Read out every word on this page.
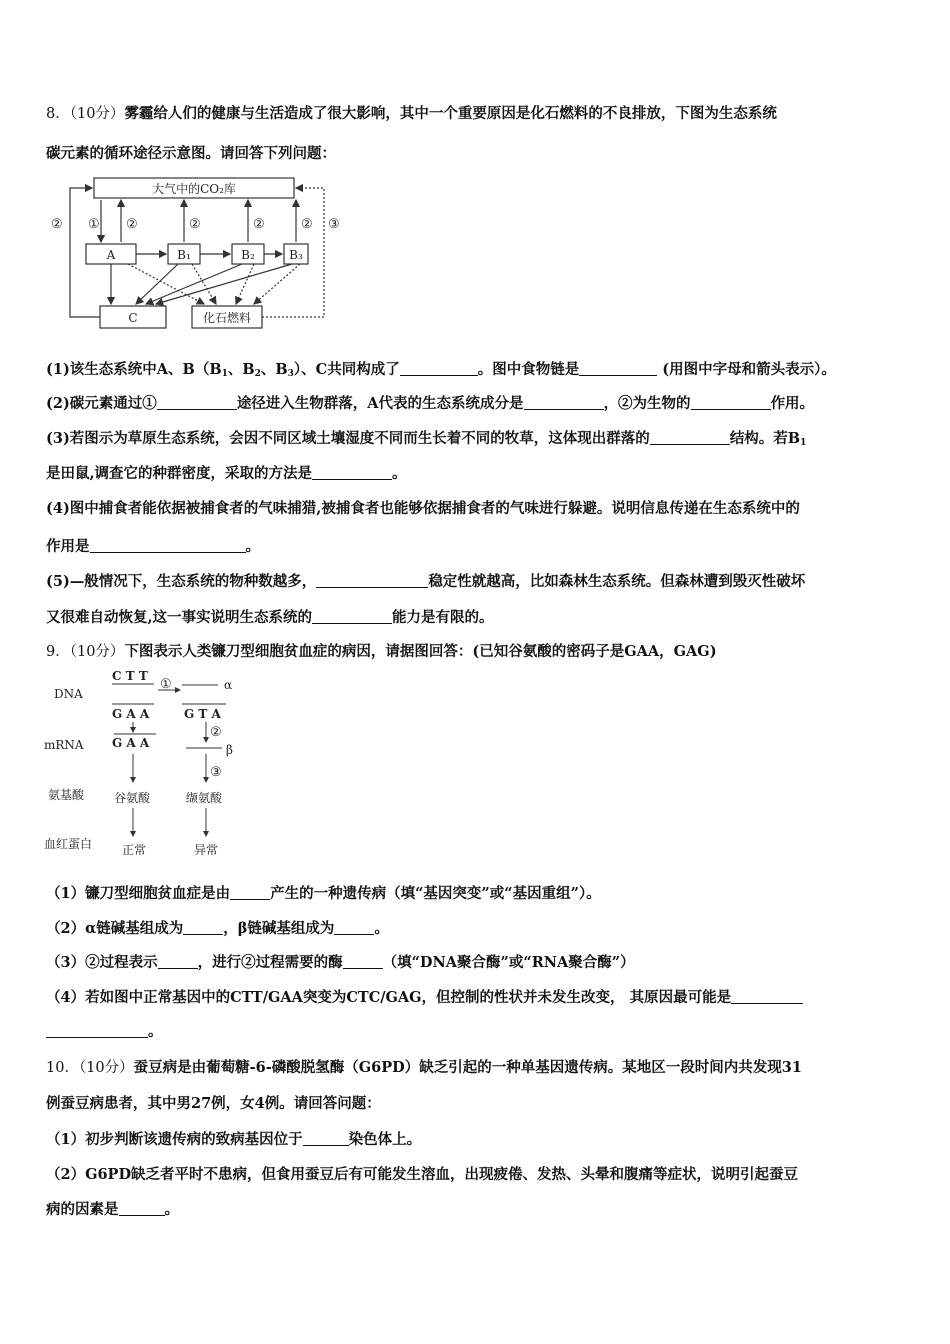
8．（10分）雾霾给人们的健康与生活造成了很大影响，其中一个重要原因是化石燃料的不良排放，下图为生态系统
碳元素的循环途径示意图。请回答下列问题：
大气中的CO₂库
A	B₁	B₂	B₃
C	化石燃料
① ②	②	②	②
②	③
(1)该生态系统中A、$B(B_1$、$B_2$、$B_3$）、C共同构成了	。图中食物链是	(用图中字母和箭头表示）。
(2)碳元素通过①	途径进入生物群落，A代表的生态系统成分是	，②为生物的	作用。
(3)若图示为草原生态系统，会因不同区域土壤湿度不同而生长着不同的牧草，这体现出群落的	结构。若$B_1$
是田鼠,调查它的种群密度，采取的方法是	。
(4)图中捕食者能依据被捕食者的气味捕猎,被捕食者也能够依据捕食者的气味进行躲避。说明信息传递在生态系统中的
作用是	。
(5)—般情况下，生态系统的物种数越多，	稳定性就越高，比如森林生态系统。但森林遭到毁灭性破坏
又很难自动恢复,这一事实说明生态系统的	能力是有限的。
9．（10分）下图表示人类镰刀型细胞贫血症的病因，请据图回答：(已知谷氨酸的密码子是GAA，GAG)
DNA
mRNA
氨基酸
血红蛋白
C T T
G A A
①	α
G T A
G A A
②
β
③
谷氨酸	缬氨酸
正常	异常
（1）镰刀型细胞贫血症是由	产生的一种遗传病（填“基因突变”或“基因重组”）。
（2）α链碱基组成为	，β链碱基组成为	。
（3）②过程表示	，进行②过程需要的酶	（填“DNA聚合酶”或“RNA聚合酶”）
（4）若如图中正常基因中的CTT/GAA突变为CTC/GAG，但控制的性状并未发生改变， 其原因最可能是
。
10．（10分）蚕豆病是由葡萄糖-6-磷酸脱氢酶（G6PD）缺乏引起的一种单基因遗传病。某地区一段时间内共发现31
例蚕豆病患者，其中男27例，女4例。请回答问题：
（1）初步判断该遗传病的致病基因位于	染色体上。
（2）G6PD缺乏者平时不患病，但食用蚕豆后有可能发生溶血，出现疲倦、发热、头晕和腹痛等症状，说明引起蚕豆
病的因素是	。
